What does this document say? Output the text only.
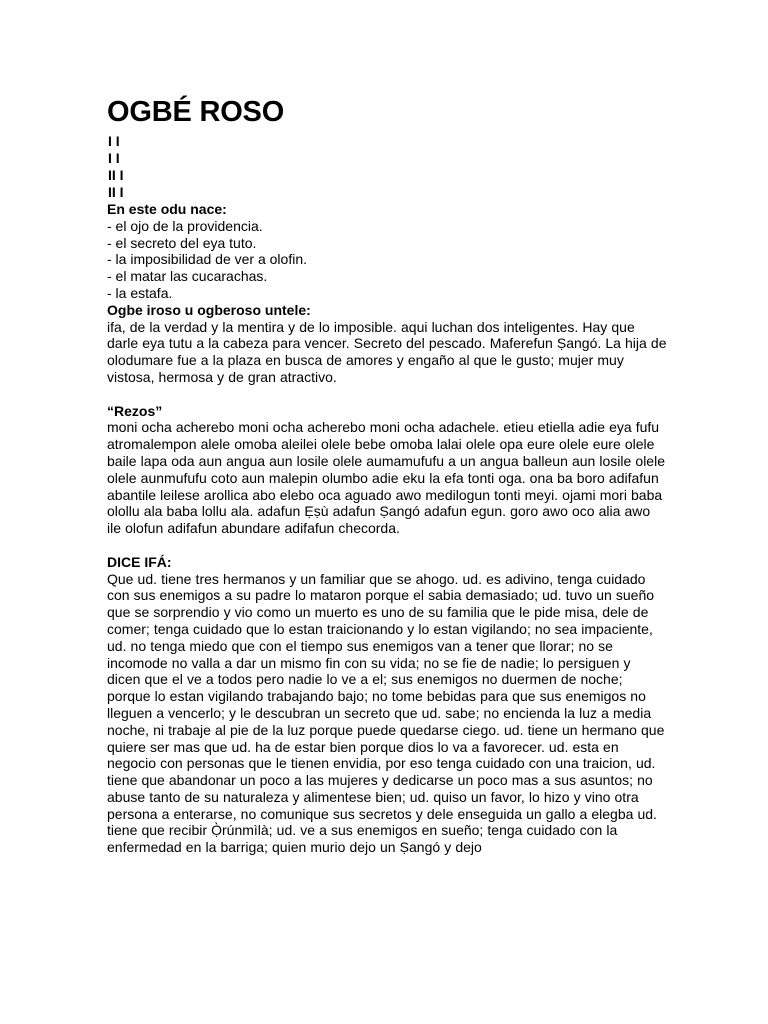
OGBÉ ROSO
I I
I I
II I
II I
En este odu nace:
- el ojo de la providencia.
- el secreto del eya tuto.
- la imposibilidad de ver a olofin.
- el matar las cucarachas.
- la estafa.
Ogbe iroso u ogberoso untele:

ifa, de la verdad y la mentira y de lo imposible. aqui luchan dos inteligentes. Hay que darle eya tutu a la cabeza para vencer. Secreto del pescado. Maferefun Ṣangó. La hija de olodumare fue a la plaza en busca de amores y engaño al que le gusto; mujer muy vistosa, hermosa y de gran atractivo.

“Rezos”

moni ocha acherebo moni ocha acherebo moni ocha adachele. etieu etiella adie eya fufu atromalempon alele omoba aleilei olele bebe omoba lalai olele opa eure olele eure olele baile lapa oda aun angua aun losile olele aumamufufu a un angua balleun aun losile olele olele aunmufufu coto aun malepin olumbo adie eku la efa tonti oga. ona ba boro adifafun abantile leilese arollica abo elebo oca aguado awo medilogun tonti meyi. ojami mori baba olollu ala baba lollu ala. adafun Ẹṣù adafun Ṣangó adafun egun. goro awo oco alia awo ile olofun adifafun abundare adifafun checorda.

DICE IFÁ:

Que ud. tiene tres hermanos y un familiar que se ahogo. ud. es adivino, tenga cuidado con sus enemigos a su padre lo mataron porque el sabia demasiado; ud. tuvo un sueño que se sorprendio y vio como un muerto es uno de su familia que le pide misa, dele de comer; tenga cuidado que lo estan traicionando y lo estan vigilando; no sea impaciente, ud. no tenga miedo que con el tiempo sus enemigos van a tener que llorar; no se incomode no valla a dar un mismo fin con su vida; no se fie de nadie; lo persiguen y dicen que el ve a todos pero nadie lo ve a el; sus enemigos no duermen de noche; porque lo estan vigilando trabajando bajo; no tome bebidas para que sus enemigos no lleguen a vencerlo; y le descubran un secreto que ud. sabe; no encienda la luz a media noche, ni trabaje al pie de la luz porque puede quedarse ciego. ud. tiene un hermano que quiere ser mas que ud. ha de estar bien porque dios lo va a favorecer. ud. esta en negocio con personas que le tienen envidia, por eso tenga cuidado con una traicion, ud. tiene que abandonar un poco a las mujeres y dedicarse un poco mas a sus asuntos; no abuse tanto de su naturaleza y alimentese bien; ud. quiso un favor, lo hizo y vino otra persona a enterarse, no comunique sus secretos y dele enseguida un gallo a elegba ud. tiene que recibir Ọ̀rúnmìlà; ud. ve a sus enemigos en sueño; tenga cuidado con la enfermedad en la barriga; quien murio dejo un Ṣangó y dejo
